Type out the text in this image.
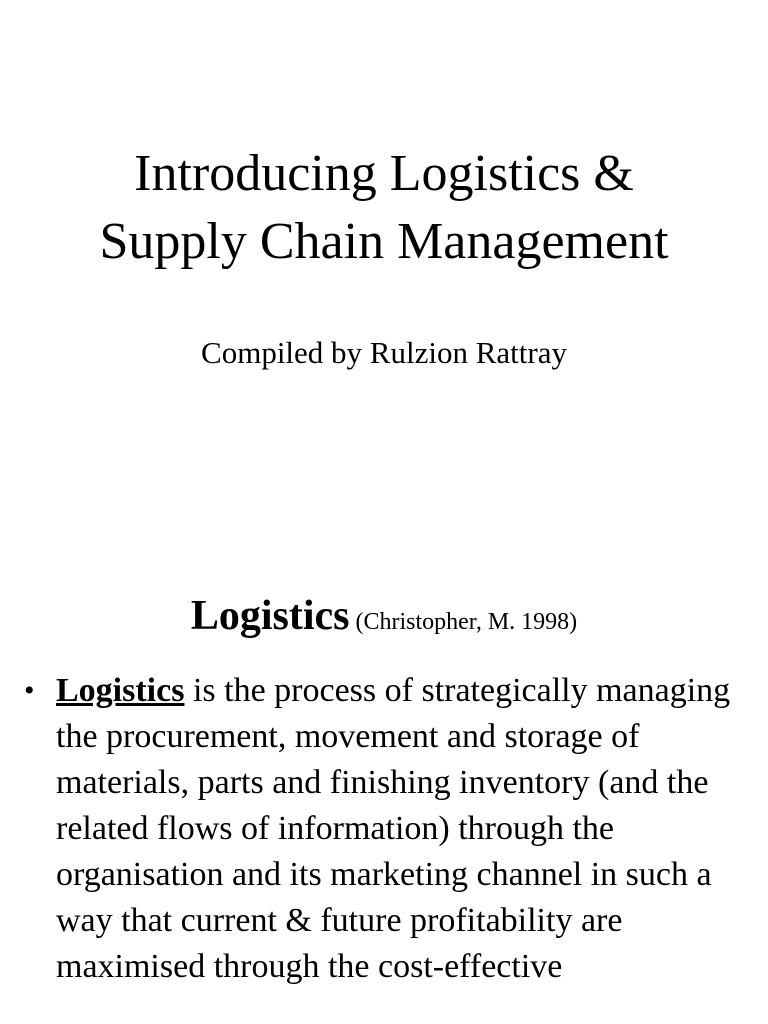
Introducing Logistics &
Supply Chain Management

Compiled by Rulzion Rattray

Logistics (Christopher, M. 1998)
• Logistics is the process of strategically managing the procurement, movement and storage of materials, parts and finishing inventory (and the related flows of information) through the organisation and its marketing channel in such a way that current & future profitability are maximised through the cost-effective
